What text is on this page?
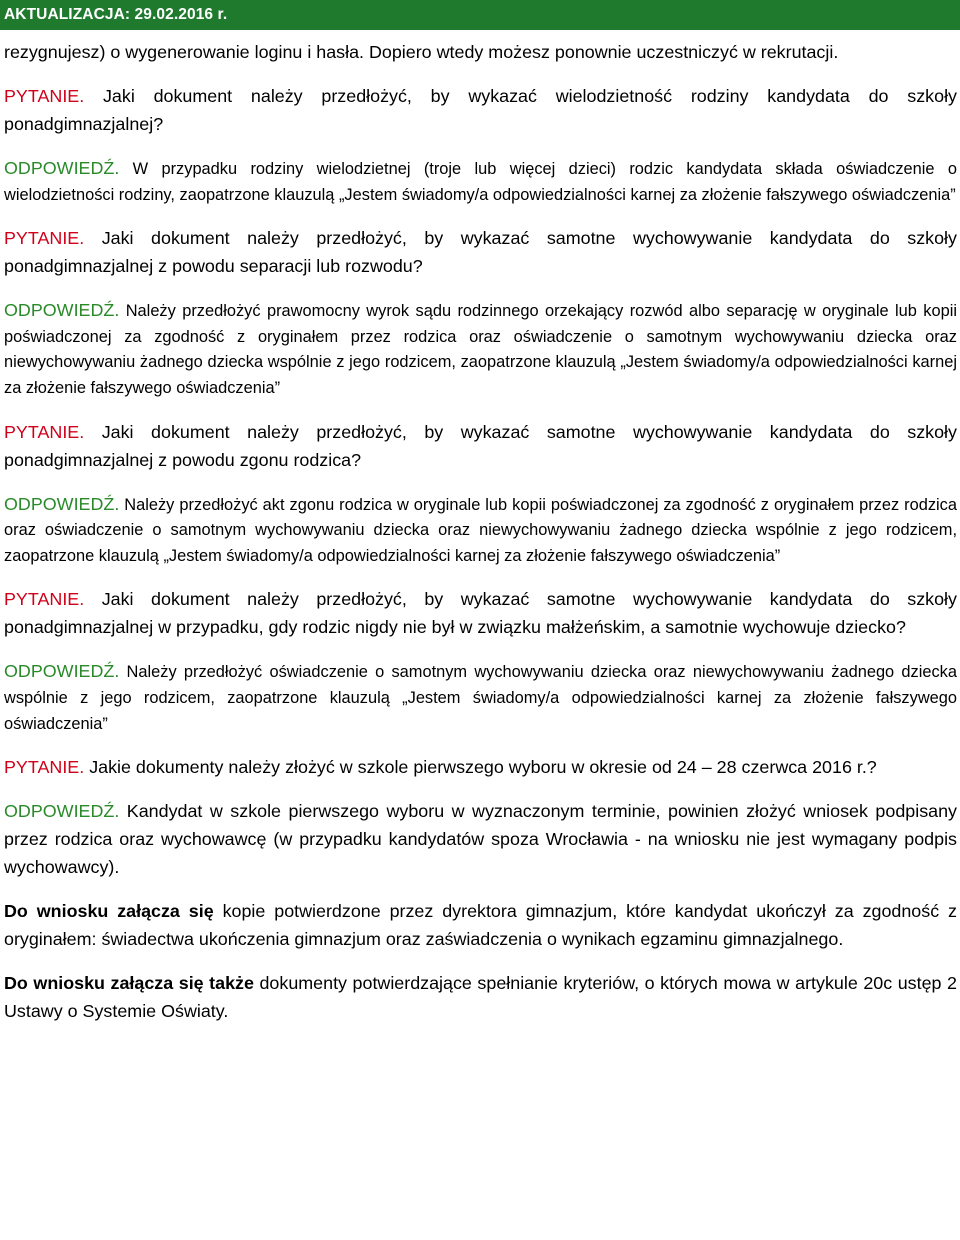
AKTUALIZACJA: 29.02.2016 r.

rezygnujesz) o wygenerowanie loginu i hasła. Dopiero wtedy możesz ponownie uczestniczyć w rekrutacji.

PYTANIE. Jaki dokument należy przedłożyć, by wykazać wielodzietność rodziny kandydata do szkoły ponadgimnazjalnej?

ODPOWIEDŹ. W przypadku rodziny wielodzietnej (troje lub więcej dzieci) rodzic kandydata składa oświadczenie o wielodzietności rodziny, zaopatrzone klauzulą „Jestem świadomy/a odpowiedzialności karnej za złożenie fałszywego oświadczenia”

PYTANIE. Jaki dokument należy przedłożyć, by wykazać samotne wychowywanie kandydata do szkoły ponadgimnazjalnej z powodu separacji lub rozwodu?

ODPOWIEDŹ. Należy przedłożyć prawomocny wyrok sądu rodzinnego orzekający rozwód albo separację w oryginale lub kopii poświadczonej za zgodność z oryginałem przez rodzica oraz oświadczenie o samotnym wychowywaniu dziecka oraz niewychowywaniu żadnego dziecka wspólnie z jego rodzicem, zaopatrzone klauzulą „Jestem świadomy/a odpowiedzialności karnej za złożenie fałszywego oświadczenia”

PYTANIE. Jaki dokument należy przedłożyć, by wykazać samotne wychowywanie kandydata do szkoły ponadgimnazjalnej z powodu zgonu rodzica?

ODPOWIEDŹ. Należy przedłożyć akt zgonu rodzica w oryginale lub kopii poświadczonej za zgodność z oryginałem przez rodzica oraz oświadczenie o samotnym wychowywaniu dziecka oraz niewychowywaniu żadnego dziecka wspólnie z jego rodzicem, zaopatrzone klauzulą „Jestem świadomy/a odpowiedzialności karnej za złożenie fałszywego oświadczenia”

PYTANIE. Jaki dokument należy przedłożyć, by wykazać samotne wychowywanie kandydata do szkoły ponadgimnazjalnej w przypadku, gdy rodzic nigdy nie był w związku małżeńskim, a samotnie wychowuje dziecko?

ODPOWIEDŹ. Należy przedłożyć oświadczenie o samotnym wychowywaniu dziecka oraz niewychowywaniu żadnego dziecka wspólnie z jego rodzicem, zaopatrzone klauzulą „Jestem świadomy/a odpowiedzialności karnej za złożenie fałszywego oświadczenia”

PYTANIE. Jakie dokumenty należy złożyć w szkole pierwszego wyboru w okresie od 24 – 28 czerwca 2016 r.?

ODPOWIEDŹ. Kandydat w szkole pierwszego wyboru w wyznaczonym terminie, powinien złożyć wniosek podpisany przez rodzica oraz wychowawcę (w przypadku kandydatów spoza Wrocławia - na wniosku nie jest wymagany podpis wychowawcy).

Do wniosku załącza się kopie potwierdzone przez dyrektora gimnazjum, które kandydat ukończył za zgodność z oryginałem: świadectwa ukończenia gimnazjum oraz zaświadczenia o wynikach egzaminu gimnazjalnego.

Do wniosku załącza się także dokumenty potwierdzające spełnianie kryteriów, o których mowa w artykule 20c ustęp 2 Ustawy o Systemie Oświaty.
